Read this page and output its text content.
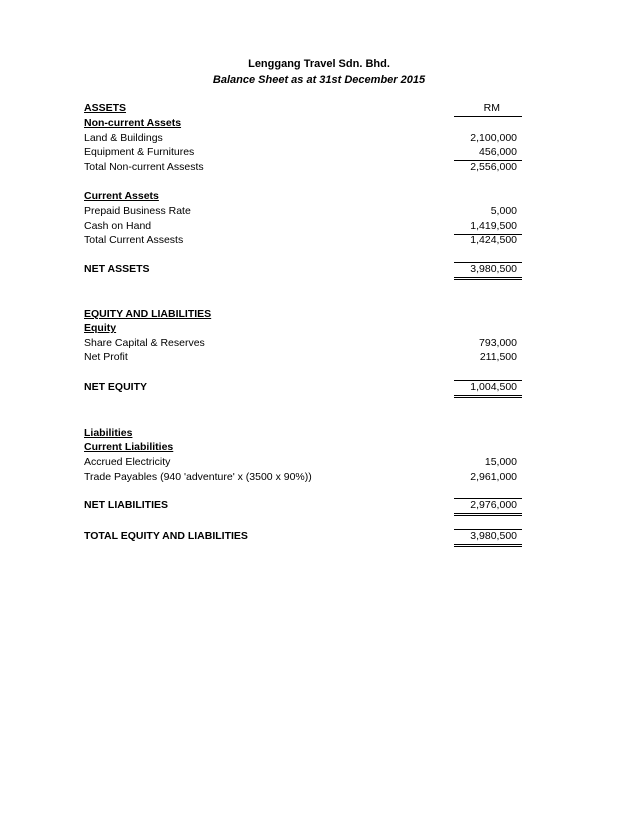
Lenggang Travel Sdn. Bhd.
Balance Sheet as at 31st December 2015
ASSETS	RM
Non-current Assets
Land & Buildings	2,100,000
Equipment & Furnitures	456,000
Total Non-current Assests	2,556,000
Current Assets
Prepaid Business Rate	5,000
Cash on Hand	1,419,500
Total Current Assests	1,424,500
NET ASSETS	3,980,500
EQUITY AND LIABILITIES
Equity
Share Capital & Reserves	793,000
Net Profit	211,500
NET EQUITY	1,004,500
Liabilities
Current Liabilities
Accrued Electricity	15,000
Trade Payables (940 'adventure' x (3500 x 90%))	2,961,000
NET LIABILITIES	2,976,000
TOTAL EQUITY AND LIABILITIES	3,980,500
